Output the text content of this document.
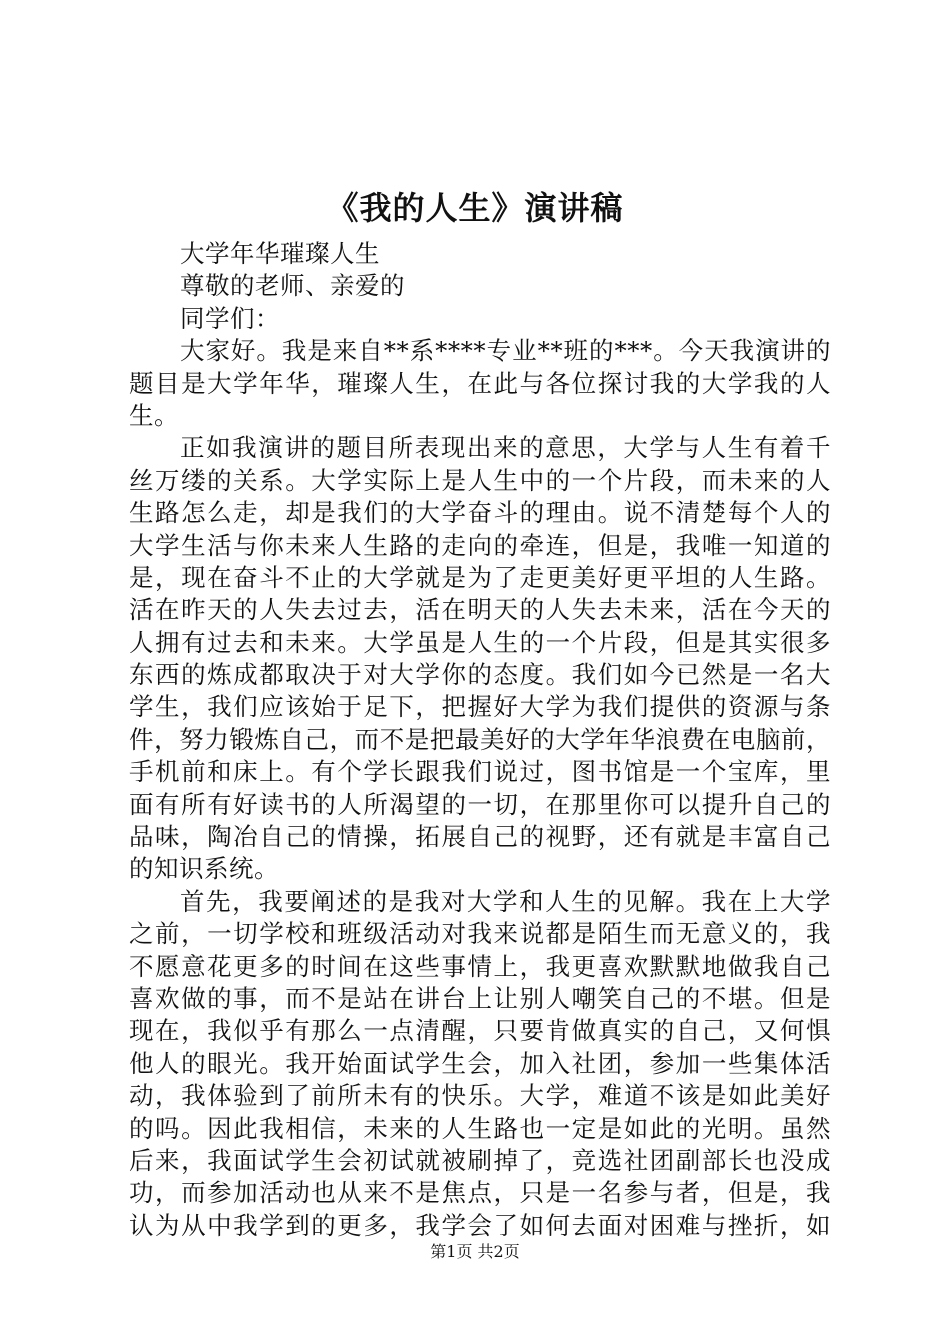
《我的人生》演讲稿
大学年华璀璨人生
尊敬的老师、亲爱的
同学们：
大家好。我是来自**系****专业**班的***。今天我演讲的
题目是大学年华，璀璨人生，在此与各位探讨我的大学我的人
生。
正如我演讲的题目所表现出来的意思，大学与人生有着千
丝万缕的关系。大学实际上是人生中的一个片段，而未来的人
生路怎么走，却是我们的大学奋斗的理由。说不清楚每个人的
大学生活与你未来人生路的走向的牵连，但是，我唯一知道的
是，现在奋斗不止的大学就是为了走更美好更平坦的人生路。
活在昨天的人失去过去，活在明天的人失去未来，活在今天的
人拥有过去和未来。大学虽是人生的一个片段，但是其实很多
东西的炼成都取决于对大学你的态度。我们如今已然是一名大
学生，我们应该始于足下，把握好大学为我们提供的资源与条
件，努力锻炼自己，而不是把最美好的大学年华浪费在电脑前，
手机前和床上。有个学长跟我们说过，图书馆是一个宝库，里
面有所有好读书的人所渴望的一切，在那里你可以提升自己的
品味，陶冶自己的情操，拓展自己的视野，还有就是丰富自己
的知识系统。
首先，我要阐述的是我对大学和人生的见解。我在上大学
之前，一切学校和班级活动对我来说都是陌生而无意义的，我
不愿意花更多的时间在这些事情上，我更喜欢默默地做我自己
喜欢做的事，而不是站在讲台上让别人嘲笑自己的不堪。但是
现在，我似乎有那么一点清醒，只要肯做真实的自己，又何惧
他人的眼光。我开始面试学生会，加入社团，参加一些集体活
动，我体验到了前所未有的快乐。大学，难道不该是如此美好
的吗。因此我相信，未来的人生路也一定是如此的光明。虽然
后来，我面试学生会初试就被刷掉了，竞选社团副部长也没成
功，而参加活动也从来不是焦点，只是一名参与者，但是，我
认为从中我学到的更多，我学会了如何去面对困难与挫折，如
第1页 共2页
